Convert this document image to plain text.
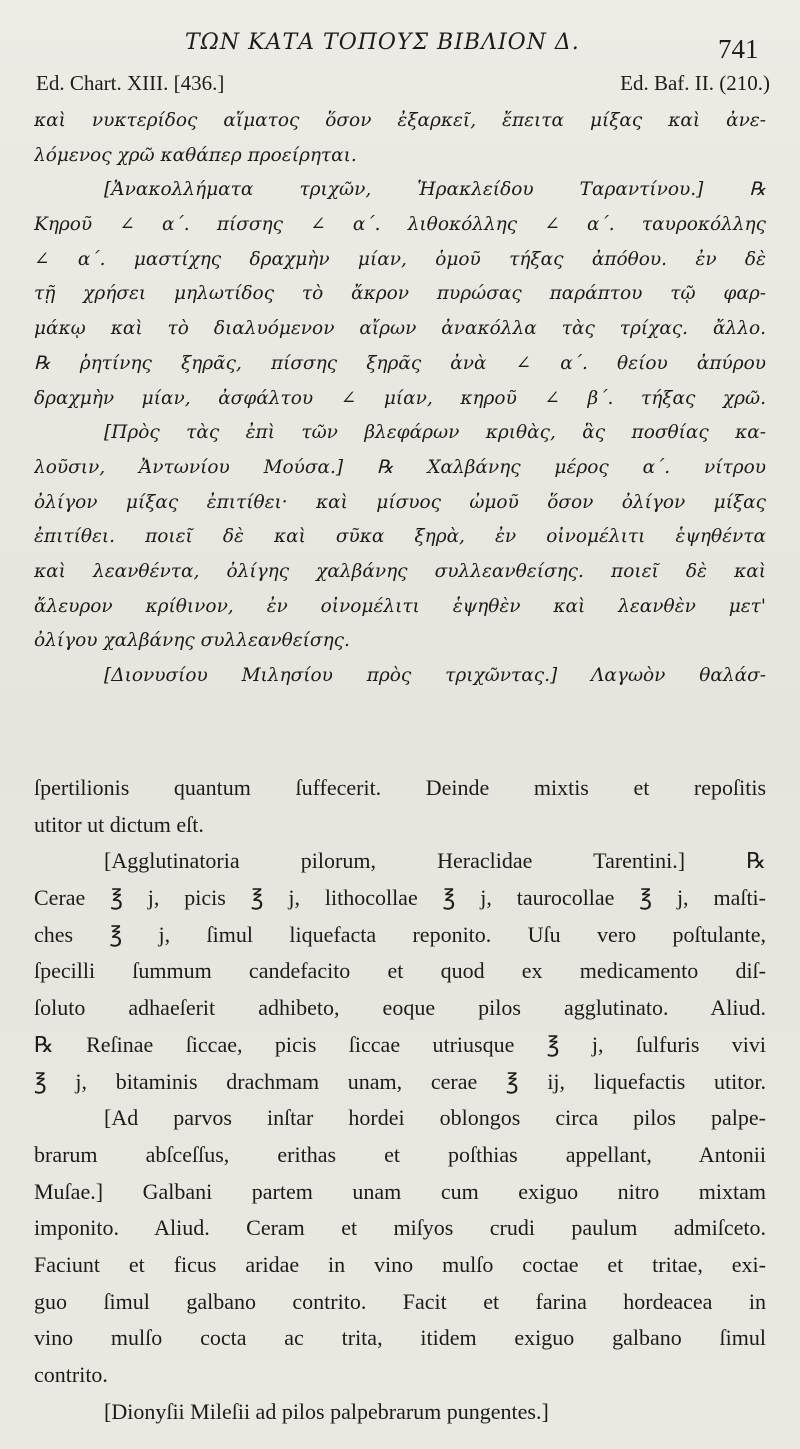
ΤΩΝ ΚΑΤΑ ΤΟΠΟΥΣ ΒΙΒΛΙΟΝ Δ.	741
Ed. Chart. XIII. [436.]	Ed. Baf. II. (210.)
καὶ νυκτερίδος αἵματος ὅσον ἐξαρκεῖ, ἔπειτα μίξας καὶ ἀνε-
λόμενος χρῶ καθάπερ προείρηται.
[Ἀνακολλήματα τριχῶν, Ἡρακλείδου Ταραντίνου.] ℞
Κηροῦ ∠ α΄. πίσσης ∠ α΄. λιθοκόλλης ∠ α΄. ταυροκόλλης
∠ α΄. μαστίχης δραχμὴν μίαν, ὁμοῦ τήξας ἀπόθου. ἐν δὲ
τῇ χρήσει μηλωτίδος τὸ ἄκρον πυρώσας παράπτου τῷ φαρ-
μάκῳ καὶ τὸ διαλυόμενον αἴρων ἀνακόλλα τὰς τρίχας. ἄλλο.
℞ ῥητίνης ξηρᾶς, πίσσης ξηρᾶς ἀνὰ ∠ α΄. θείου ἀπύρου
δραχμὴν μίαν, ἀσφάλτου ∠ μίαν, κηροῦ ∠ β΄. τήξας χρῶ.
[Πρὸς τὰς ἐπὶ τῶν βλεφάρων κριθὰς, ἃς ποσθίας κα-
λοῦσιν, Ἀντωνίου Μούσα.] ℞ Χαλβάνης μέρος α΄. νίτρου
ὀλίγον μίξας ἐπιτίθει· καὶ μίσυος ὠμοῦ ὅσον ὀλίγον μίξας
ἐπιτίθει. ποιεῖ δὲ καὶ σῦκα ξηρὰ, ἐν οἰνομέλιτι ἑψηθέντα
καὶ λεανθέντα, ὀλίγης χαλβάνης συλλεανθείσης. ποιεῖ δὲ καὶ
ἄλευρον κρίθινον, ἐν οἰνομέλιτι ἑψηθὲν καὶ λεανθὲν μετ'
ὀλίγου χαλβάνης συλλεανθείσης.
[Διονυσίου Μιλησίου πρὸς τριχῶντας.] Λαγωὸν θαλάσ-
ſpertilionis quantum ſuffecerit. Deinde mixtis et repoſitis
utitor ut dictum eſt.
[Agglutinatoria pilorum, Heraclidae Tarentini.] ℞
Cerae ℥ j, picis ℥ j, lithocollae ℥ j, taurocollae ℥ j, maſti-
ches ℥ j, ſimul liquefacta reponito. Uſu vero poſtulante,
ſpecilli ſummum candefacito et quod ex medicamento diſ-
ſoluto adhaeſerit adhibeto, eoque pilos agglutinato. Aliud.
℞ Reſinae ſiccae, picis ſiccae utriusque ℥ j, ſulfuris vivi
℥ j, bitaminis drachmam unam, cerae ℥ ij, liquefactis utitor.
[Ad parvos inſtar hordei oblongos circa pilos palpe-
brarum abſceſſus, erithas et poſthias appellant, Antonii
Muſae.] Galbani partem unam cum exiguo nitro mixtam
imponito. Aliud. Ceram et miſyos crudi paulum admiſceto.
Faciunt et ficus aridae in vino mulſo coctae et tritae, exi-
guo ſimul galbano contrito. Facit et farina hordeacea in
vino mulſo cocta ac trita, itidem exiguo galbano ſimul
contrito.
[Dionyſii Mileſii ad pilos palpebrarum pungentes.]
